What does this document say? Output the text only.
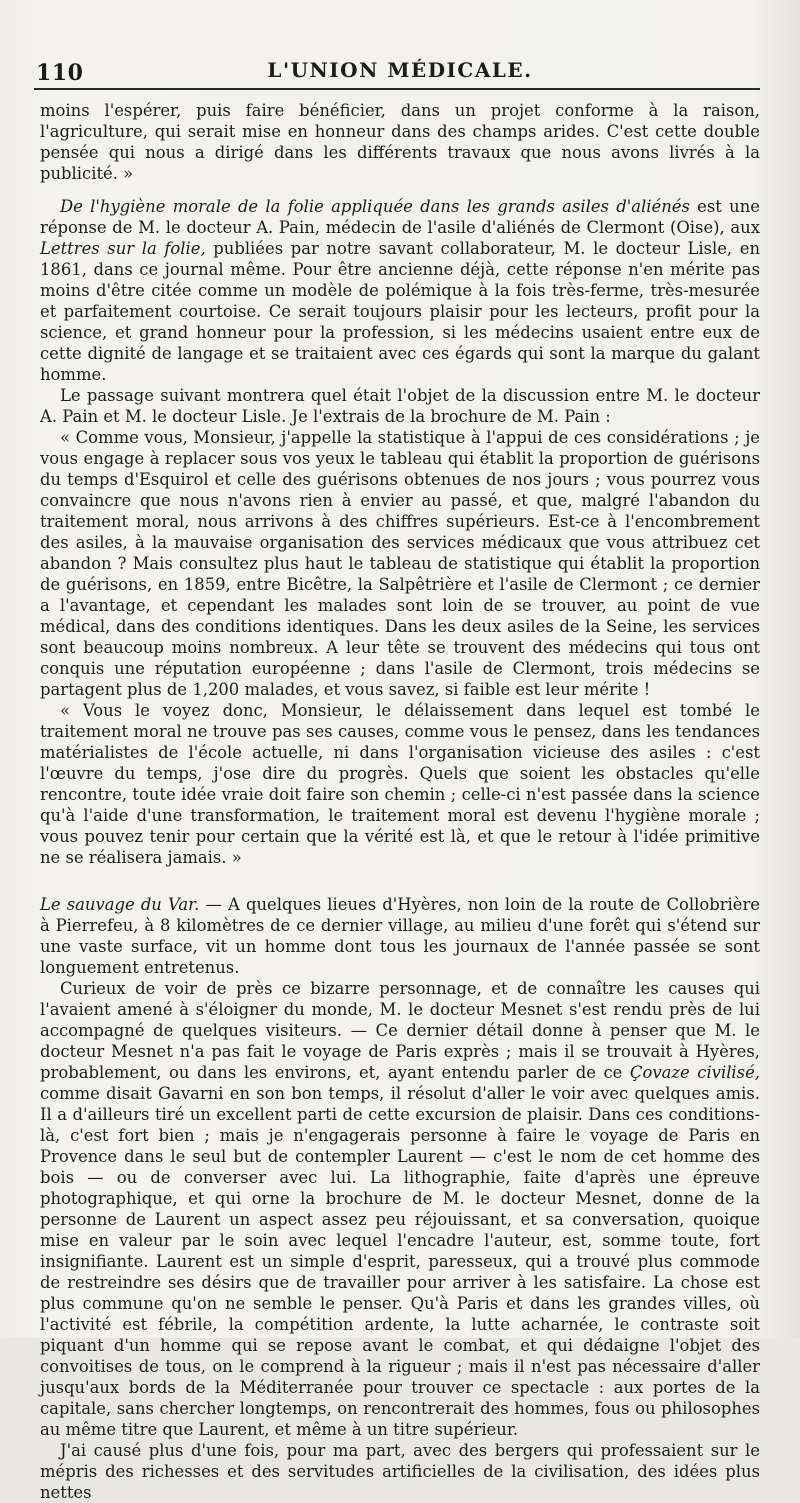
110	L'UNION MÉDICALE.

moins l'espérer, puis faire bénéficier, dans un projet conforme à la raison, l'agriculture, qui serait mise en honneur dans des champs arides. C'est cette double pensée qui nous a dirigé dans les différents travaux que nous avons livrés à la publicité. »

De l'hygiène morale de la folie appliquée dans les grands asiles d'aliénés est une réponse de M. le docteur A. Pain, médecin de l'asile d'aliénés de Clermont (Oise), aux Lettres sur la folie, publiées par notre savant collaborateur, M. le docteur Lisle, en 1861, dans ce journal même. Pour être ancienne déjà, cette réponse n'en mérite pas moins d'être citée comme un modèle de polémique à la fois très-ferme, très-mesurée et parfaitement courtoise. Ce serait toujours plaisir pour les lecteurs, profit pour la science, et grand honneur pour la profession, si les médecins usaient entre eux de cette dignité de langage et se traitaient avec ces égards qui sont la marque du galant homme.

Le passage suivant montrera quel était l'objet de la discussion entre M. le docteur A. Pain et M. le docteur Lisle. Je l'extrais de la brochure de M. Pain :

« Comme vous, Monsieur, j'appelle la statistique à l'appui de ces considérations ; je vous engage à replacer sous vos yeux le tableau qui établit la proportion de guérisons du temps d'Esquirol et celle des guérisons obtenues de nos jours ; vous pourrez vous convaincre que nous n'avons rien à envier au passé, et que, malgré l'abandon du traitement moral, nous arrivons à des chiffres supérieurs. Est-ce à l'encombrement des asiles, à la mauvaise organisation des services médicaux que vous attribuez cet abandon ? Mais consultez plus haut le tableau de statistique qui établit la proportion de guérisons, en 1859, entre Bicêtre, la Salpêtrière et l'asile de Clermont ; ce dernier a l'avantage, et cependant les malades sont loin de se trouver, au point de vue médical, dans des conditions identiques. Dans les deux asiles de la Seine, les services sont beaucoup moins nombreux. A leur tête se trouvent des médecins qui tous ont conquis une réputation européenne ; dans l'asile de Clermont, trois médecins se partagent plus de 1,200 malades, et vous savez, si faible est leur mérite !

« Vous le voyez donc, Monsieur, le délaissement dans lequel est tombé le traitement moral ne trouve pas ses causes, comme vous le pensez, dans les tendances matérialistes de l'école actuelle, ni dans l'organisation vicieuse des asiles : c'est l'œuvre du temps, j'ose dire du progrès. Quels que soient les obstacles qu'elle rencontre, toute idée vraie doit faire son chemin ; celle-ci n'est passée dans la science qu'à l'aide d'une transformation, le traitement moral est devenu l'hygiène morale ; vous pouvez tenir pour certain que la vérité est là, et que le retour à l'idée primitive ne se réalisera jamais. »

Le sauvage du Var. — A quelques lieues d'Hyères, non loin de la route de Collobrière à Pierrefeu, à 8 kilomètres de ce dernier village, au milieu d'une forêt qui s'étend sur une vaste surface, vit un homme dont tous les journaux de l'année passée se sont longuement entretenus.

Curieux de voir de près ce bizarre personnage, et de connaître les causes qui l'avaient amené à s'éloigner du monde, M. le docteur Mesnet s'est rendu près de lui accompagné de quelques visiteurs. — Ce dernier détail donne à penser que M. le docteur Mesnet n'a pas fait le voyage de Paris exprès ; mais il se trouvait à Hyères, probablement, ou dans les environs, et, ayant entendu parler de ce Çovaze civilisé, comme disait Gavarni en son bon temps, il résolut d'aller le voir avec quelques amis. Il a d'ailleurs tiré un excellent parti de cette excursion de plaisir. Dans ces conditions-là, c'est fort bien ; mais je n'engagerais personne à faire le voyage de Paris en Provence dans le seul but de contempler Laurent — c'est le nom de cet homme des bois — ou de converser avec lui. La lithographie, faite d'après une épreuve photographique, et qui orne la brochure de M. le docteur Mesnet, donne de la personne de Laurent un aspect assez peu réjouissant, et sa conversation, quoique mise en valeur par le soin avec lequel l'encadre l'auteur, est, somme toute, fort insignifiante. Laurent est un simple d'esprit, paresseux, qui a trouvé plus commode de restreindre ses désirs que de travailler pour arriver à les satisfaire. La chose est plus commune qu'on ne semble le penser. Qu'à Paris et dans les grandes villes, où l'activité est fébrile, la compétition ardente, la lutte acharnée, le contraste soit piquant d'un homme qui se repose avant le combat, et qui dédaigne l'objet des convoitises de tous, on le comprend à la rigueur ; mais il n'est pas nécessaire d'aller jusqu'aux bords de la Méditerranée pour trouver ce spectacle : aux portes de la capitale, sans chercher longtemps, on rencontrerait des hommes, fous ou philosophes au même titre que Laurent, et même à un titre supérieur.

J'ai causé plus d'une fois, pour ma part, avec des bergers qui professaient sur le mépris des richesses et des servitudes artificielles de la civilisation, des idées plus nettes
